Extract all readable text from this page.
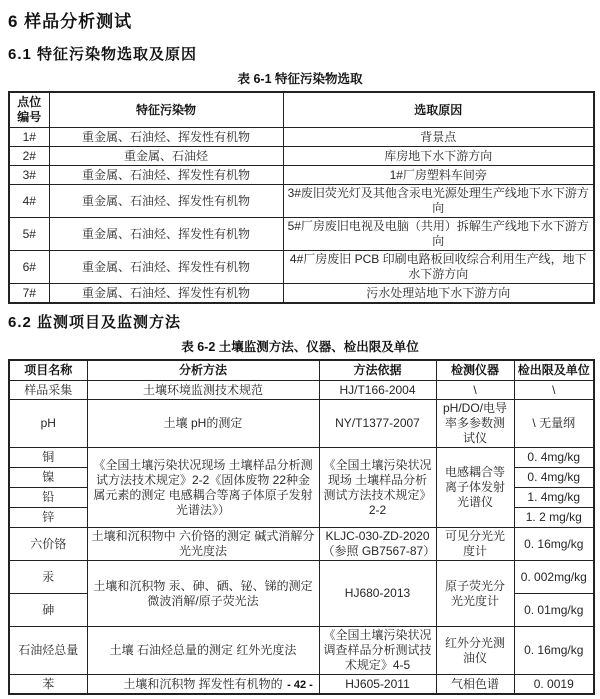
6 样品分析测试
6.1 特征污染物选取及原因
表 6-1 特征污染物选取
点位编号	特征污染物	选取原因
1#	重金属、石油烃、挥发性有机物	背景点
2#	重金属、石油烃	库房地下水下游方向
3#	重金属、石油烃、挥发性有机物	1#厂房塑料车间旁
4#	重金属、石油烃、挥发性有机物	3#废旧荧光灯及其他含汞电光源处理生产线地下水下游方向
5#	重金属、石油烃、挥发性有机物	5#厂房废旧电视及电脑（共用）拆解生产线地下水下游方向
6#	重金属、石油烃、挥发性有机物	4#厂房废旧 PCB 印刷电路板回收综合利用生产线，地下水下游方向
7#	重金属、石油烃、挥发性有机物	污水处理站地下水下游方向
6.2 监测项目及监测方法
表 6-2 土壤监测方法、仪器、检出限及单位
项目名称	分析方法	方法依据	检测仪器	检出限及单位
样品采集	土壤环境监测技术规范	HJ/T166-2004	\	\
pH	土壤 pH的测定	NY/T1377-2007	pH/DO/电导率多参数测试仪	\ 无量纲
铜	《全国土壤污染状况现场 土壤样品分析测试方法技术规定》2-2《固体废物 22种金属元素的测定 电感耦合等离子体原子发射光谱法》）	《全国土壤污染状况现场 土壤样品分析测试方法技术规定》2-2	电感耦合等离子体发射光谱仪	0. 4mg/kg
镍				0. 4mg/kg
铅				1. 4mg/kg
锌				1. 2 mg/kg
六价铬	土壤和沉积物中 六价铬的测定 碱式消解分光光度法	KLJC-030-ZD-2020（参照 GB7567-87）	可见分光光度计	0. 16mg/kg
汞	土壤和沉积物 汞、砷、硒、铋、锑的测定 微波消解/原子荧光法	HJ680-2013	原子荧光分光光度计	0. 002mg/kg
砷				0. 01mg/kg
石油烃总量	土壤 石油烃总量的测定 红外光度法	《全国土壤污染状况调查样品分析测试技术规定》4-5	红外分光测油仪	0. 16mg/kg
苯	土壤和沉积物 挥发性有机物的	HJ605-2011	气相色谱	0. 0019
- 42 -
